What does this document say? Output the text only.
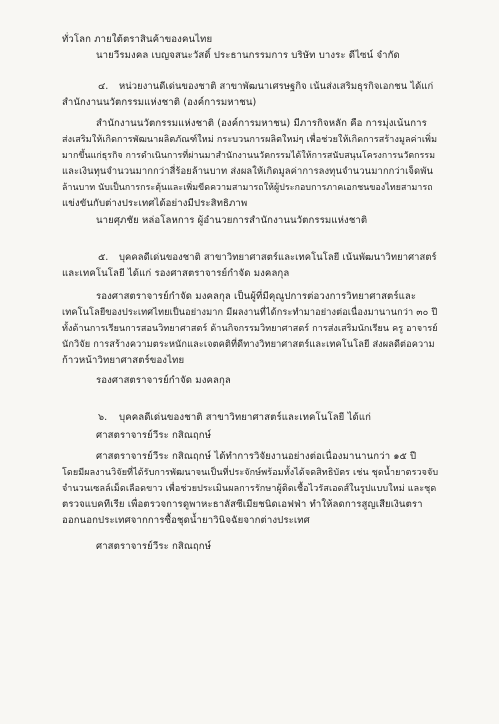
ทั่วโลก ภายใต้ตราสินค้าของคนไทย
นายวีรมงคล เบญจสนะวัสดิ์ ประธานกรรมการ บริษัท บางระ ดีไซน์ จำกัด
๔. หน่วยงานดีเด่นของชาติ สาขาพัฒนาเศรษฐกิจ เน้นส่งเสริมธุรกิจเอกชน ได้แก่
สำนักงานนวัตกรรมแห่งชาติ (องค์การมหาชน)
สำนักงานนวัตกรรมแห่งชาติ (องค์การมหาชน) มีภารกิจหลัก คือ การมุ่งเน้นการ
ส่งเสริมให้เกิดการพัฒนาผลิตภัณฑ์ใหม่ กระบวนการผลิตใหม่ๆ เพื่อช่วยให้เกิดการสร้างมูลค่าเพิ่ม
มากขึ้นแก่ธุรกิจ การดำเนินการที่ผ่านมาสำนักงานนวัตกรรมได้ให้การสนับสนุนโครงการนวัตกรรม
และเงินทุนจำนวนมากกว่าสี่ร้อยล้านบาท ส่งผลให้เกิดมูลค่าการลงทุนจำนวนมากกว่าเจ็ดพัน
ล้านบาท นับเป็นการกระตุ้นและเพิ่มขีดความสามารถให้ผู้ประกอบการภาคเอกชนของไทยสามารถ
แข่งขันกับต่างประเทศได้อย่างมีประสิทธิภาพ
นายศุภชัย หล่อโลหการ ผู้อำนวยการสำนักงานนวัตกรรมแห่งชาติ
๕. บุคคลดีเด่นของชาติ สาขาวิทยาศาสตร์และเทคโนโลยี เน้นพัฒนาวิทยาศาสตร์
และเทคโนโลยี ได้แก่ รองศาสตราจารย์กำจัด มงคลกุล
รองศาสตราจารย์กำจัด มงคลกุล เป็นผู้ที่มีคุณูปการต่อวงการวิทยาศาสตร์และ
เทคโนโลยีของประเทศไทยเป็นอย่างมาก มีผลงานที่ได้กระทำมาอย่างต่อเนื่องมานานกว่า ๓๐ ปี
ทั้งด้านการเรียนการสอนวิทยาศาสตร์ ด้านกิจกรรมวิทยาศาสตร์ การส่งเสริมนักเรียน ครู อาจารย์
นักวิจัย การสร้างความตระหนักและเจตคติที่ดีทางวิทยาศาสตร์และเทคโนโลยี ส่งผลดีต่อความ
ก้าวหน้าวิทยาศาสตร์ของไทย
รองศาสตราจารย์กำจัด มงคลกุล
๖. บุคคลดีเด่นของชาติ สาขาวิทยาศาสตร์และเทคโนโลยี ได้แก่
ศาสตราจารย์วีระ กสิณฤกษ์
ศาสตราจารย์วีระ กสิณฤกษ์ ได้ทำการวิจัยงานอย่างต่อเนื่องมานานกว่า ๑๕ ปี
โดยมีผลงานวิจัยที่ได้รับการพัฒนาจนเป็นที่ประจักษ์พร้อมทั้งได้จดสิทธิบัตร เช่น ชุดน้ำยาตรวจจับ
จำนวนเซลล์เม็ดเลือดขาว เพื่อช่วยประเมินผลการรักษาผู้ติดเชื้อไวรัสเอดส์ในรูปแบบใหม่ และชุด
ตรวจแบคทีเรีย เพื่อตรวจการดูพาหะธาลัสซีเมียชนิดเอฟฟ่า ทำให้ลดการสูญเสียเงินตรา
ออกนอกประเทศจากการซื้อชุดน้ำยาวินิจฉัยจากต่างประเทศ
ศาสตราจารย์วีระ กสิณฤกษ์
